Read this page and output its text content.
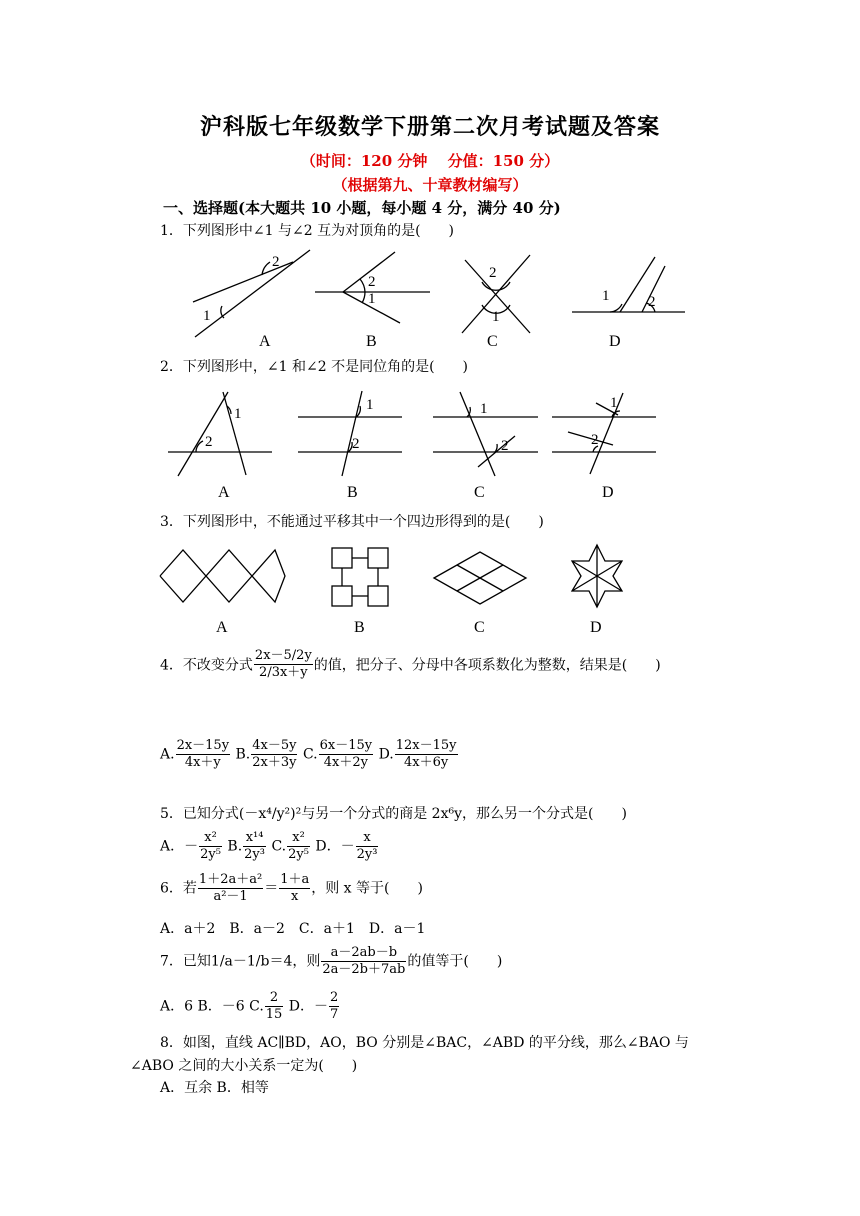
沪科版七年级数学下册第二次月考试题及答案
（时间：120 分钟　 分值：150 分）
（根据第九、十章教材编写）
一、选择题(本大题共 10 小题，每小题 4 分，满分 40 分)
1．下列图形中∠1 与∠2 互为对顶角的是(　　)
2
1
2
1
2
1
1	2
A	B	C	D
2．下列图形中，∠1 和∠2 不是同位角的是(　　)
1
2
1
2
1
2
1
2
A	B	C	D
3．下列图形中，不能通过平移其中一个四边形得到的是(　　)
A	B	C	D
4．不改变分式 $\frac{2x-5/2y}{2/3x+y}$ 的值，把分子、分母中各项系数化为整数，结果是(　　)
A. $\frac{2x-15y}{4x+y} B$. $\frac{4x-5y}{2x+3y} C$. $\frac{6x-15y}{4x+2y} D$. $\frac{12x-15y}{4x+6y}$
5．已知分式(－x⁴/y²)²与另一个分式的商是 2x⁶y，那么另一个分式是(　　)
A．－ $\frac{\text{x²}}{\text{2y⁵}} B$. $\frac{\text{x¹⁴}}{\text{2y³}} C$. $\frac{\text{x²}}{\text{2y⁵}}$ D．－ $\frac{x}{\text{2y³}}$
6．若 $\frac{\text{1＋2a＋a²}}{\text{a²－1}} = \frac{1+a}{x}$ ，则 x 等于(　　)
A．a＋2　B．a－2　C．a＋1　D．a－1
7．已知1/a－1/b＝4，则 $\frac{a-2ab-b}{2a-2b+7ab}$ 的值等于(　　)
A．6 B．－6 C. $\frac{2}{15}$ D．－ $\frac{2}{7}$
8．如图，直线 AC∥BD，AO，BO 分别是∠BAC，∠ABD 的平分线，那么∠BAO 与
∠ABO 之间的大小关系一定为(　　)
A．互余 B．相等
